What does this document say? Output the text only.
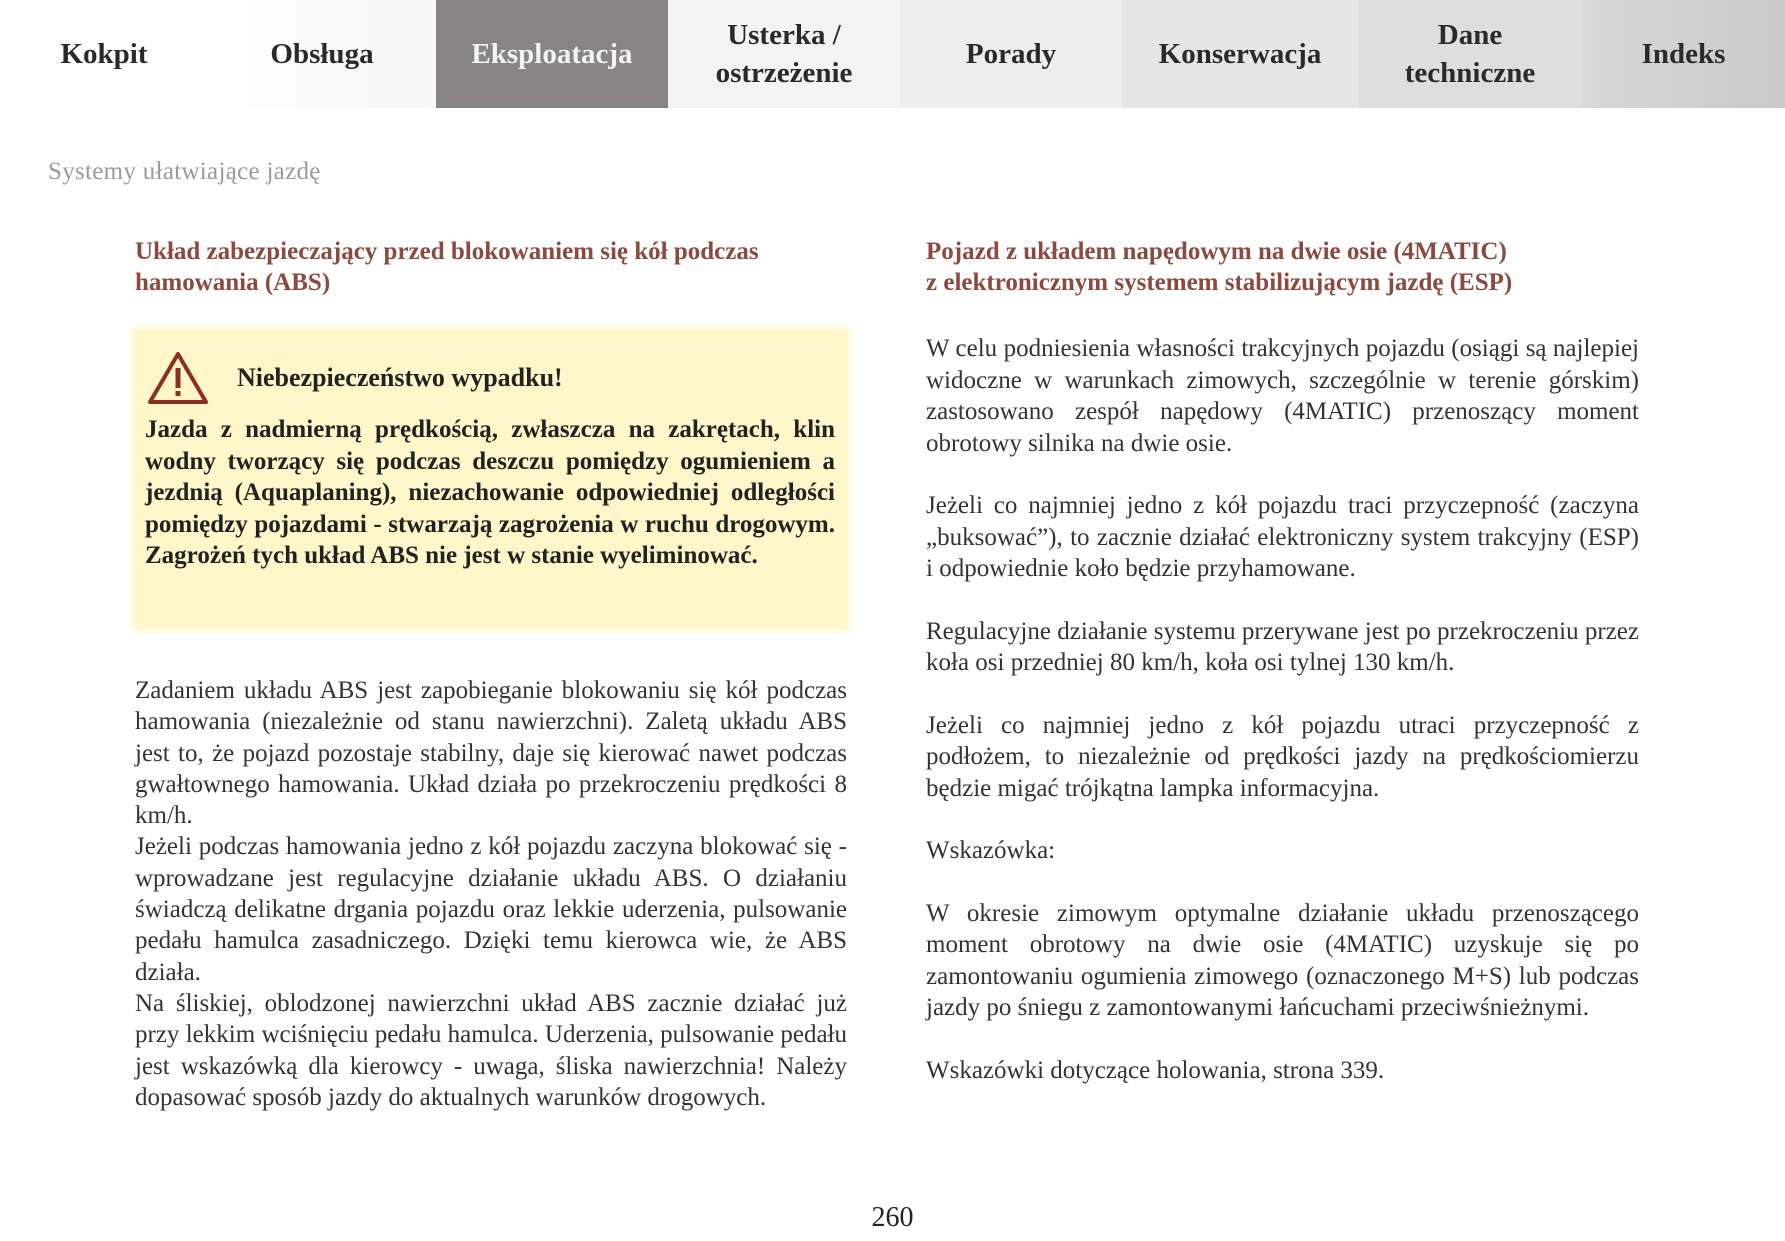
Kokpit	Obsługa	Eksploatacja
Usterka /
ostrzeżenie
Porady	Konserwacja
Dane
techniczne
Indeks
Systemy ułatwiające jazdę
Układ zabezpieczający przed blokowaniem się kół podczas hamowania (ABS)
Niebezpieczeństwo wypadku!
Jazda z nadmierną prędkością, zwłaszcza na zakrętach, klin wodny tworzący się podczas deszczu pomiędzy ogumieniem a jezdnią (Aquaplaning), niezachowanie odpowiedniej odległości pomiędzy pojazdami - stwarzają zagrożenia w ruchu drogowym. Zagrożeń tych układ ABS nie jest w stanie wyeliminować.

Zadaniem układu ABS jest zapobieganie blokowaniu się kół podczas hamowania (niezależnie od stanu nawierzchni). Zaletą układu ABS jest to, że pojazd pozostaje stabilny, daje się kierować nawet podczas gwałtownego hamowania. Układ działa po przekroczeniu prędkości 8 km/h.

Jeżeli podczas hamowania jedno z kół pojazdu zaczyna blokować się - wprowadzane jest regulacyjne działanie układu ABS. O działaniu świadczą delikatne drgania pojazdu oraz lekkie uderzenia, pulsowanie pedału hamulca zasadniczego. Dzięki temu kierowca wie, że ABS działa.

Na śliskiej, oblodzonej nawierzchni układ ABS zacznie działać już przy lekkim wciśnięciu pedału hamulca. Uderzenia, pulsowanie pedału jest wskazówką dla kierowcy - uwaga, śliska nawierzchnia! Należy dopasować sposób jazdy do aktualnych warunków drogowych.

Pojazd z układem napędowym na dwie osie (4MATIC)
z elektronicznym systemem stabilizującym jazdę (ESP)

W celu podniesienia własności trakcyjnych pojazdu (osiągi są najlepiej widoczne w warunkach zimowych, szczególnie w terenie górskim) zastosowano zespół napędowy (4MATIC) przenoszący moment obrotowy silnika na dwie osie.

Jeżeli co najmniej jedno z kół pojazdu traci przyczepność (zaczyna „buksować”), to zacznie działać elektroniczny system trakcyjny (ESP) i odpowiednie koło będzie przyhamowane.

Regulacyjne działanie systemu przerywane jest po przekroczeniu przez koła osi przedniej 80 km/h, koła osi tylnej 130 km/h.

Jeżeli co najmniej jedno z kół pojazdu utraci przyczepność z podłożem, to niezależnie od prędkości jazdy na prędkościomierzu będzie migać trójkątna lampka informacyjna.

Wskazówka:

W okresie zimowym optymalne działanie układu przenoszącego moment obrotowy na dwie osie (4MATIC) uzyskuje się po zamontowaniu ogumienia zimowego (oznaczonego M+S) lub podczas jazdy po śniegu z zamontowanymi łańcuchami przeciwśnieżnymi.

Wskazówki dotyczące holowania, strona 339.

260
